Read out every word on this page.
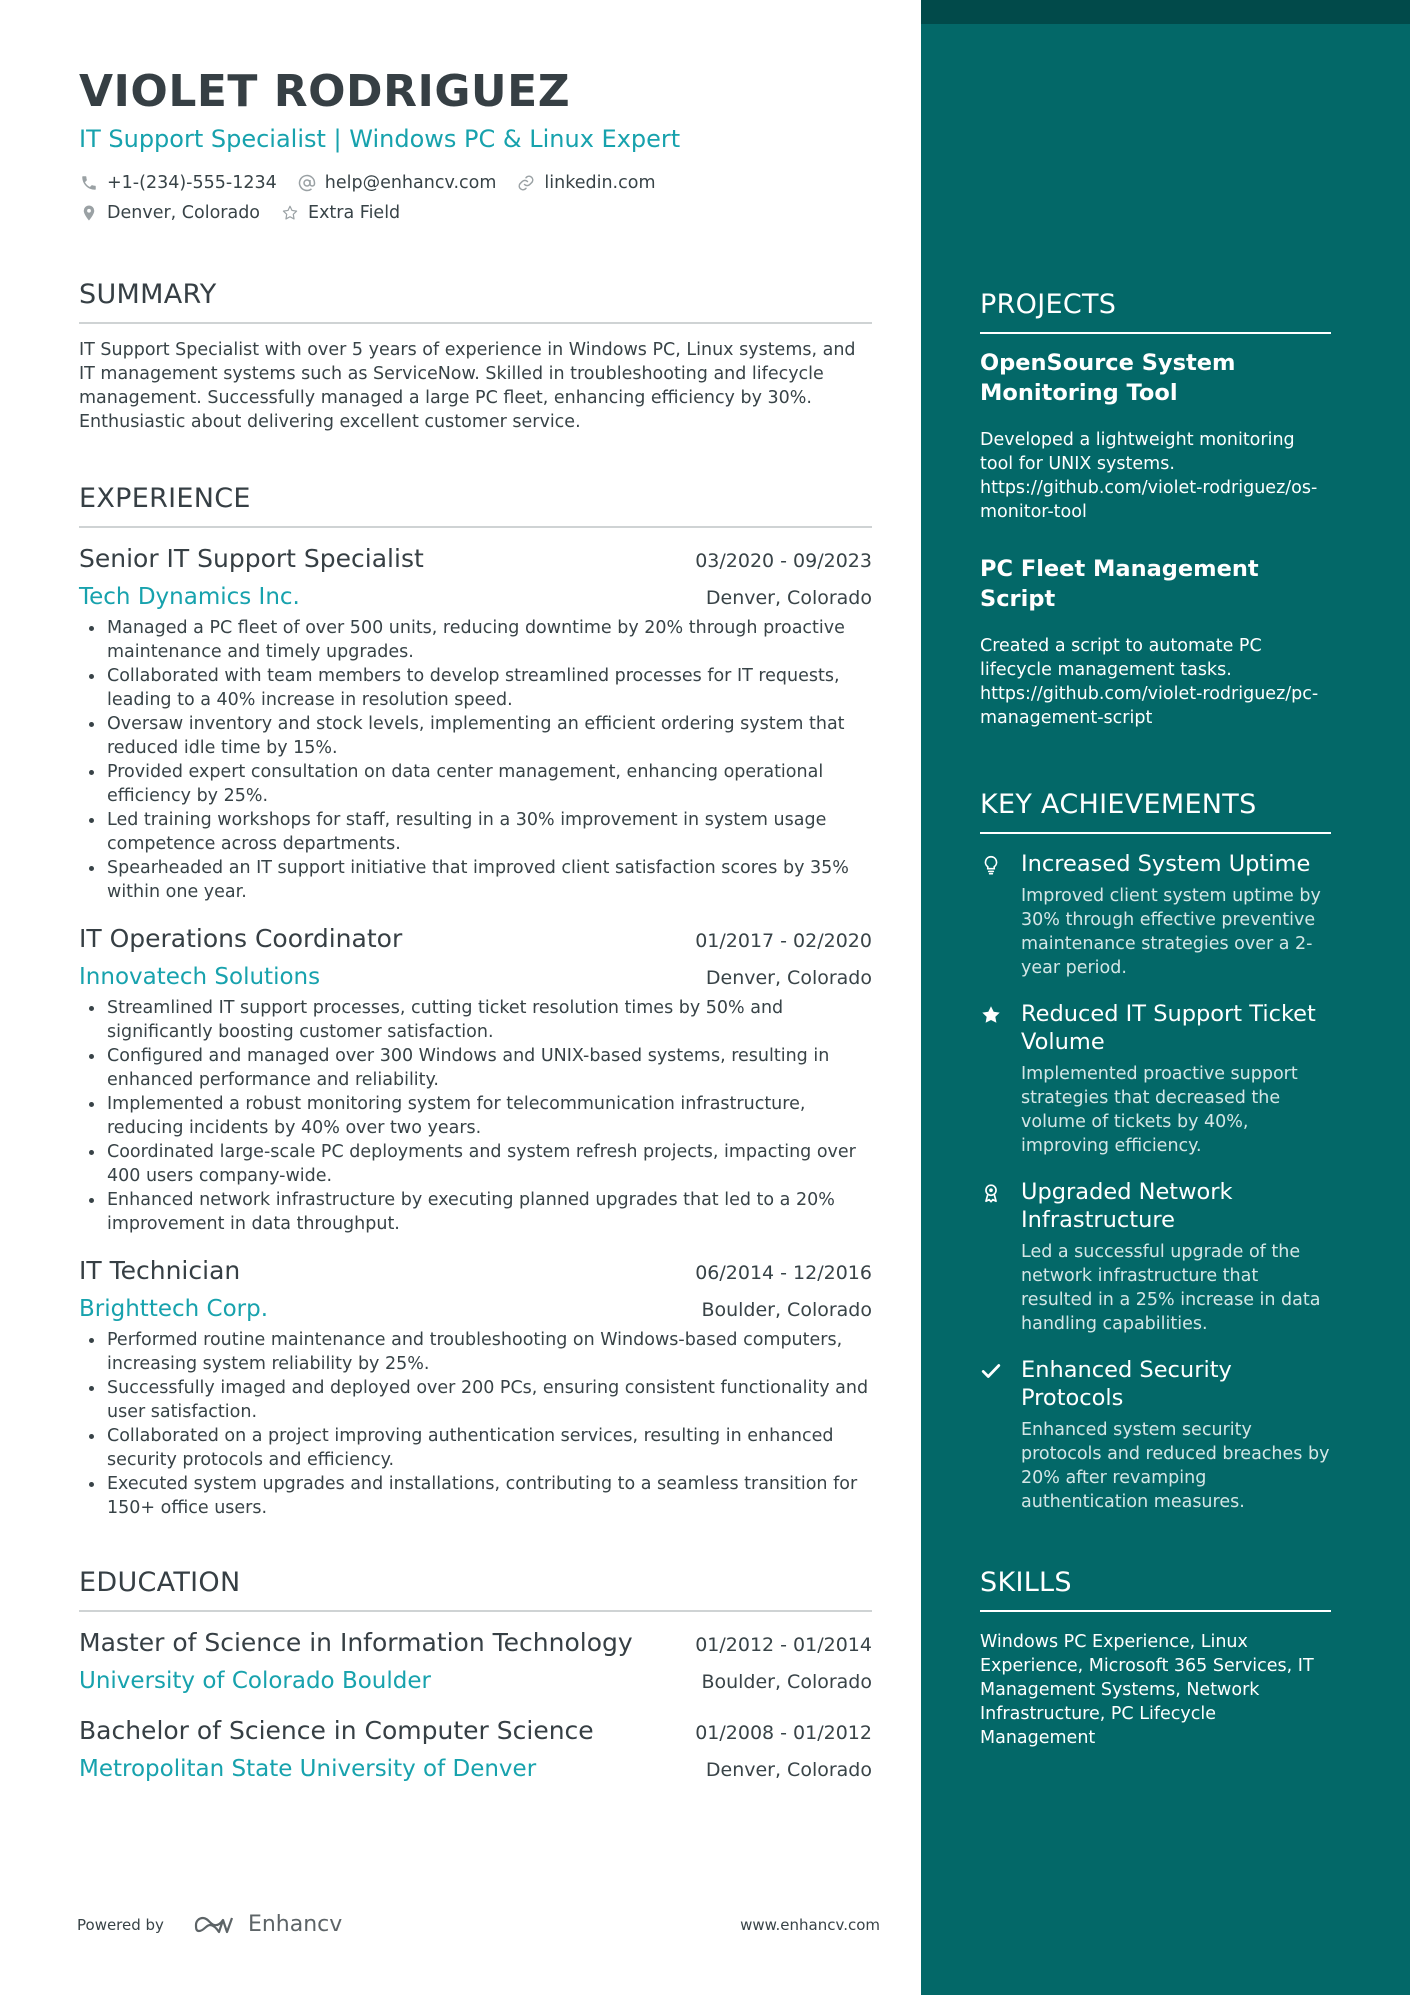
VIOLET RODRIGUEZ
IT Support Specialist | Windows PC & Linux Expert
+1-(234)-555-1234	help@enhancv.com	linkedin.com
Denver, Colorado	Extra Field
SUMMARY
IT Support Specialist with over 5 years of experience in Windows PC, Linux systems, and IT management systems such as ServiceNow. Skilled in troubleshooting and lifecycle management. Successfully managed a large PC fleet, enhancing efficiency by 30%. Enthusiastic about delivering excellent customer service.
EXPERIENCE
Senior IT Support Specialist	03/2020 - 09/2023
Tech Dynamics Inc.	Denver, Colorado
Managed a PC fleet of over 500 units, reducing downtime by 20% through proactive maintenance and timely upgrades.
Collaborated with team members to develop streamlined processes for IT requests, leading to a 40% increase in resolution speed.
Oversaw inventory and stock levels, implementing an efficient ordering system that reduced idle time by 15%.
Provided expert consultation on data center management, enhancing operational efficiency by 25%.
Led training workshops for staff, resulting in a 30% improvement in system usage competence across departments.
Spearheaded an IT support initiative that improved client satisfaction scores by 35% within one year.
IT Operations Coordinator	01/2017 - 02/2020
Innovatech Solutions	Denver, Colorado
Streamlined IT support processes, cutting ticket resolution times by 50% and significantly boosting customer satisfaction.
Configured and managed over 300 Windows and UNIX-based systems, resulting in enhanced performance and reliability.
Implemented a robust monitoring system for telecommunication infrastructure, reducing incidents by 40% over two years.
Coordinated large-scale PC deployments and system refresh projects, impacting over 400 users company-wide.
Enhanced network infrastructure by executing planned upgrades that led to a 20% improvement in data throughput.
IT Technician	06/2014 - 12/2016
Brighttech Corp.	Boulder, Colorado
Performed routine maintenance and troubleshooting on Windows-based computers, increasing system reliability by 25%.
Successfully imaged and deployed over 200 PCs, ensuring consistent functionality and user satisfaction.
Collaborated on a project improving authentication services, resulting in enhanced security protocols and efficiency.
Executed system upgrades and installations, contributing to a seamless transition for 150+ office users.
EDUCATION
Master of Science in Information Technology	01/2012 - 01/2014
University of Colorado Boulder	Boulder, Colorado
Bachelor of Science in Computer Science	01/2008 - 01/2012
Metropolitan State University of Denver	Denver, Colorado
Powered by	Enhancv	www.enhancv.com
PROJECTS
OpenSource System Monitoring Tool
Developed a lightweight monitoring tool for UNIX systems. https://github.com/violet-rodriguez/os-monitor-tool
PC Fleet Management Script
Created a script to automate PC lifecycle management tasks. https://github.com/violet-rodriguez/pc-management-script
KEY ACHIEVEMENTS
Increased System Uptime
Improved client system uptime by 30% through effective preventive maintenance strategies over a 2-year period.
Reduced IT Support Ticket Volume
Implemented proactive support strategies that decreased the volume of tickets by 40%, improving efficiency.
Upgraded Network Infrastructure
Led a successful upgrade of the network infrastructure that resulted in a 25% increase in data handling capabilities.
Enhanced Security Protocols
Enhanced system security protocols and reduced breaches by 20% after revamping authentication measures.
SKILLS
Windows PC Experience, Linux Experience, Microsoft 365 Services, IT Management Systems, Network Infrastructure, PC Lifecycle Management
